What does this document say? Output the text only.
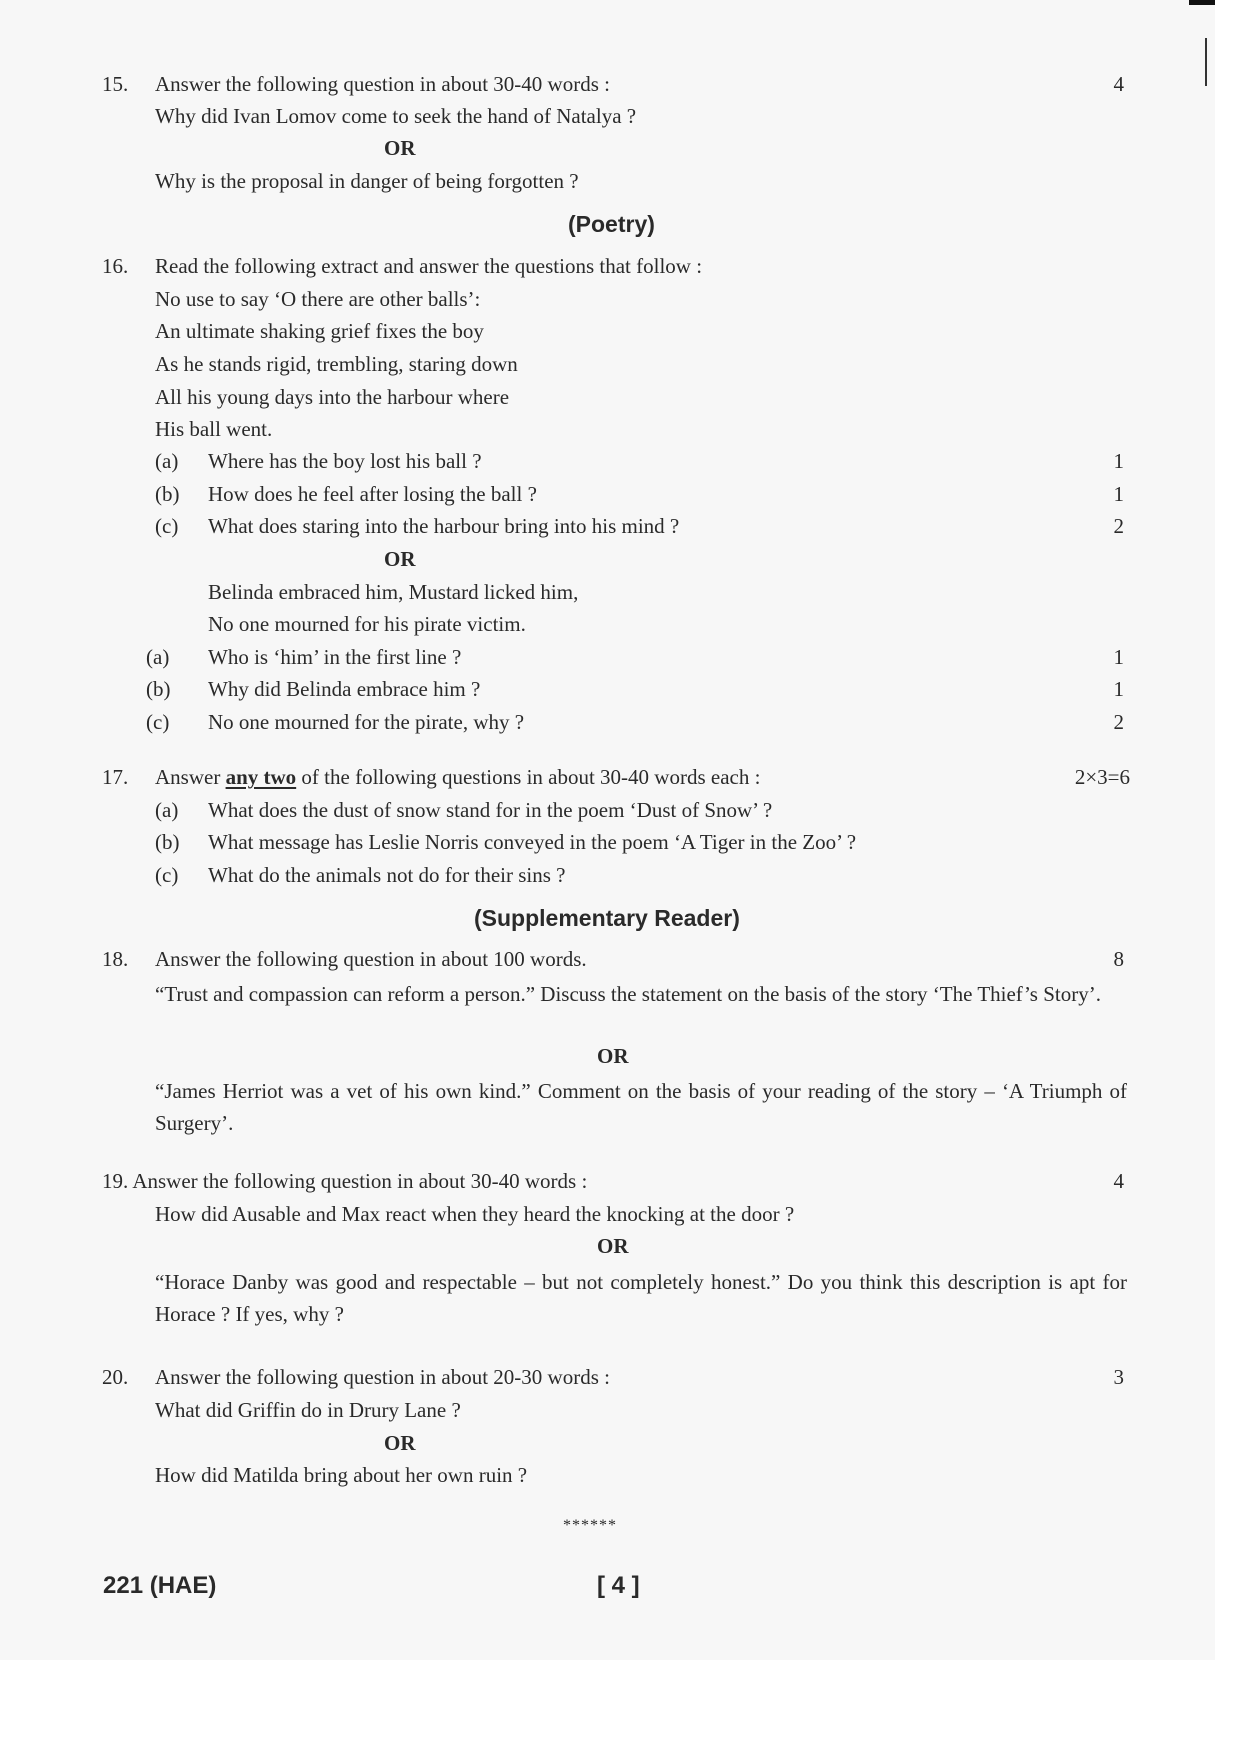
15. Answer the following question in about 30-40 words :	4
Why did Ivan Lomov come to seek the hand of Natalya ?
OR
Why is the proposal in danger of being forgotten ?
(Poetry)
16. Read the following extract and answer the questions that follow :
No use to say ‘O there are other balls’:
An ultimate shaking grief fixes the boy
As he stands rigid, trembling, staring down
All his young days into the harbour where
His ball went.
(a) Where has the boy lost his ball ?	1
(b) How does he feel after losing the ball ?	1
(c) What does staring into the harbour bring into his mind ?	2
OR
Belinda embraced him, Mustard licked him,
No one mourned for his pirate victim.
(a) Who is ‘him’ in the first line ?	1
(b) Why did Belinda embrace him ?	1
(c) No one mourned for the pirate, why ?	2
17. Answer any two of the following questions in about 30-40 words each :	2×3=6
(a) What does the dust of snow stand for in the poem ‘Dust of Snow’ ?
(b) What message has Leslie Norris conveyed in the poem ‘A Tiger in the Zoo’ ?
(c) What do the animals not do for their sins ?
(Supplementary Reader)
18. Answer the following question in about 100 words.	8
“Trust and compassion can reform a person.” Discuss the statement on the basis of the story ‘The Thief’s Story’.
OR
“James Herriot was a vet of his own kind.” Comment on the basis of your reading of the story – ‘A Triumph of Surgery’.
19. Answer the following question in about 30-40 words :	4
How did Ausable and Max react when they heard the knocking at the door ?
OR
“Horace Danby was good and respectable – but not completely honest.” Do you think this description is apt for Horace ? If yes, why ?
20. Answer the following question in about 20-30 words :	3
What did Griffin do in Drury Lane ?
OR
How did Matilda bring about her own ruin ?
******
221 (HAE)	[ 4 ]
